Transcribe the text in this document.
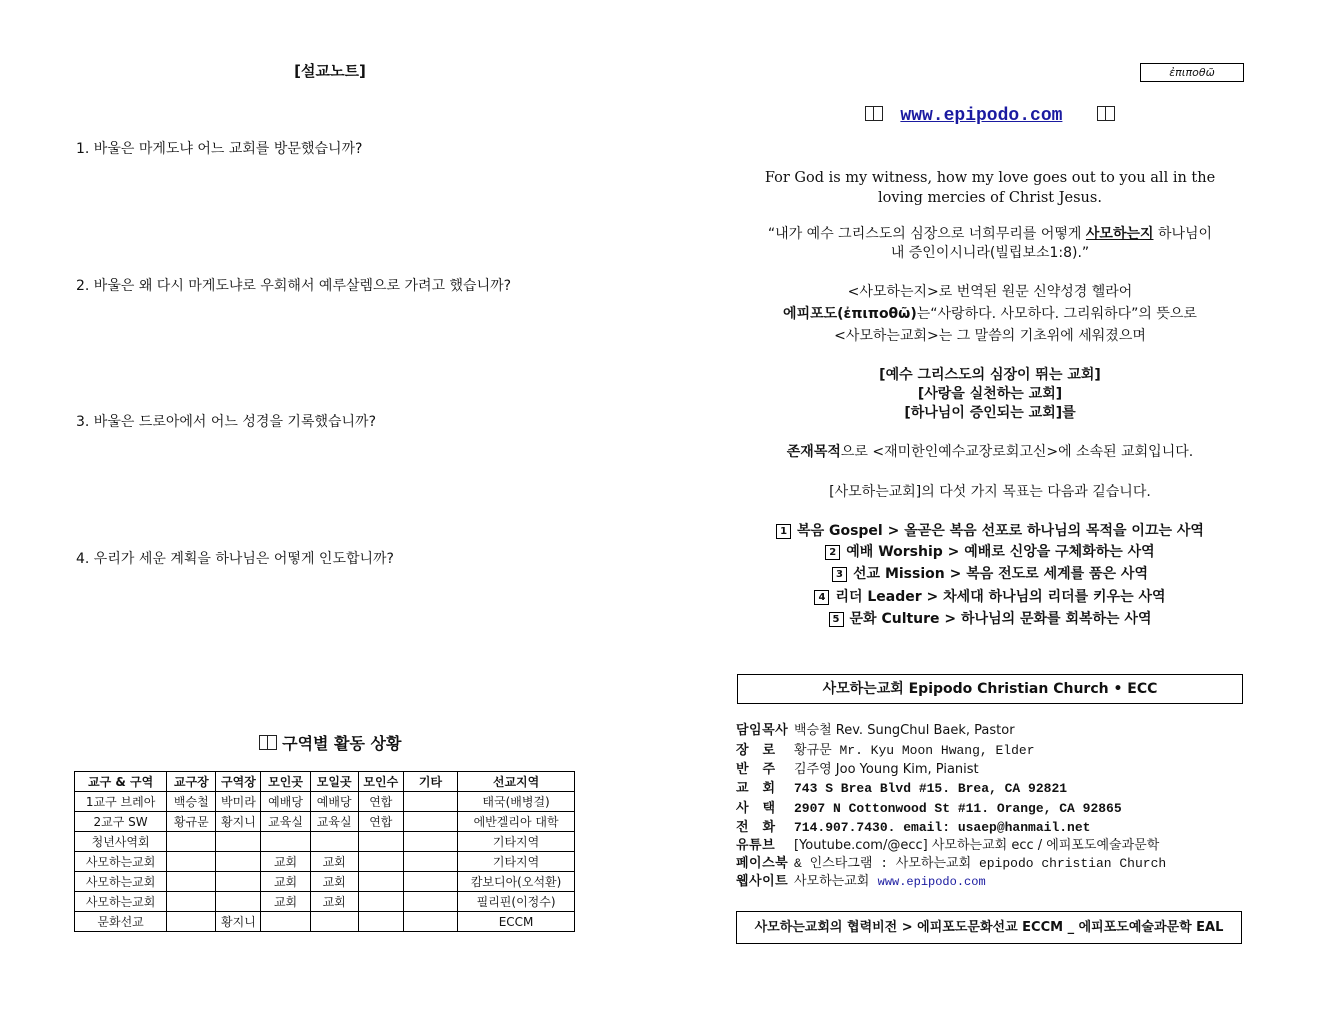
[설교노트]
1. 바울은 마게도냐 어느 교회를 방문했습니까?
2. 바울은 왜 다시 마게도냐로 우회해서 예루살렘으로 가려고 했습니까?
3. 바울은 드로아에서 어느 성경을 기록했습니까?
4. 우리가 세운 계획을 하나님은 어떻게 인도합니까?
구역별 활동 상황
교구 & 구역	교구장	구역장	모인곳	모일곳	모인수	기타	선교지역
1교구 브레아	백승철	박미라	예배당	예배당	연합		태국(배병걸)
2교구 SW	황규문	황지니	교육실	교육실	연합		에반겔리아 대학
청년사역회							기타지역
사모하는교회			교회	교회			기타지역
사모하는교회			교회	교회			캄보디아(오석환)
사모하는교회			교회	교회			필리핀(이정수)
문화선교		황지니					ECCM
ἐπιποθῶ
www.epipodo.com
For God is my witness, how my love goes out to you all in the loving mercies of Christ Jesus.
“내가 예수 그리스도의 심장으로 너희무리를 어떻게 사모하는지 하나님이
내 증인이시니라(빌립보소1:8).”
<사모하는지>로 번역된 원문 신약성경 헬라어
에피포도(ἐπιποθῶ)는“사랑하다. 사모하다. 그리워하다”의 뜻으로
<사모하는교회>는 그 말씀의 기초위에 세워졌으며
[예수 그리스도의 심장이 뛰는 교회]
[사랑을 실천하는 교회]
[하나님이 증인되는 교회]를
존재목적으로 <재미한인예수교장로회고신>에 소속된 교회입니다.
[사모하는교회]의 다섯 가지 목표는 다음과 깉습니다.
1 복음 Gospel > 올곧은 복음 선포로 하나님의 목적을 이끄는 사역
2 예배 Worship > 예배로 신앙을 구체화하는 사역
3 선교 Mission > 복음 전도로 세계를 품은 사역
4 리더 Leader > 차세대 하나님의 리더를 키우는 사역
5 문화 Culture > 하나님의 문화를 회복하는 사역
사모하는교회 Epipodo Christian Church • ECC
담임목사 백승철 Rev. SungChul Baek, Pastor
장　로 황규문 Mr. Kyu Moon Hwang, Elder
반　주 김주영 Joo Young Kim, Pianist
교　회 743 S Brea Blvd #15. Brea, CA 92821
사　택 2907 N Cottonwood St #11. Orange, CA 92865
전　화 714.907.7430. email: usaep@hanmail.net
유튜브 [Youtube.com/@ecc] 사모하는교회 ecc / 에피포도예술과문학
페이스북 & 인스타그램 : 사모하는교회 epipodo christian Church
웹사이트 사모하는교회 www.epipodo.com
사모하는교회의 협력비전 > 에피포도문화선교 ECCM _ 에피포도예술과문학 EAL
